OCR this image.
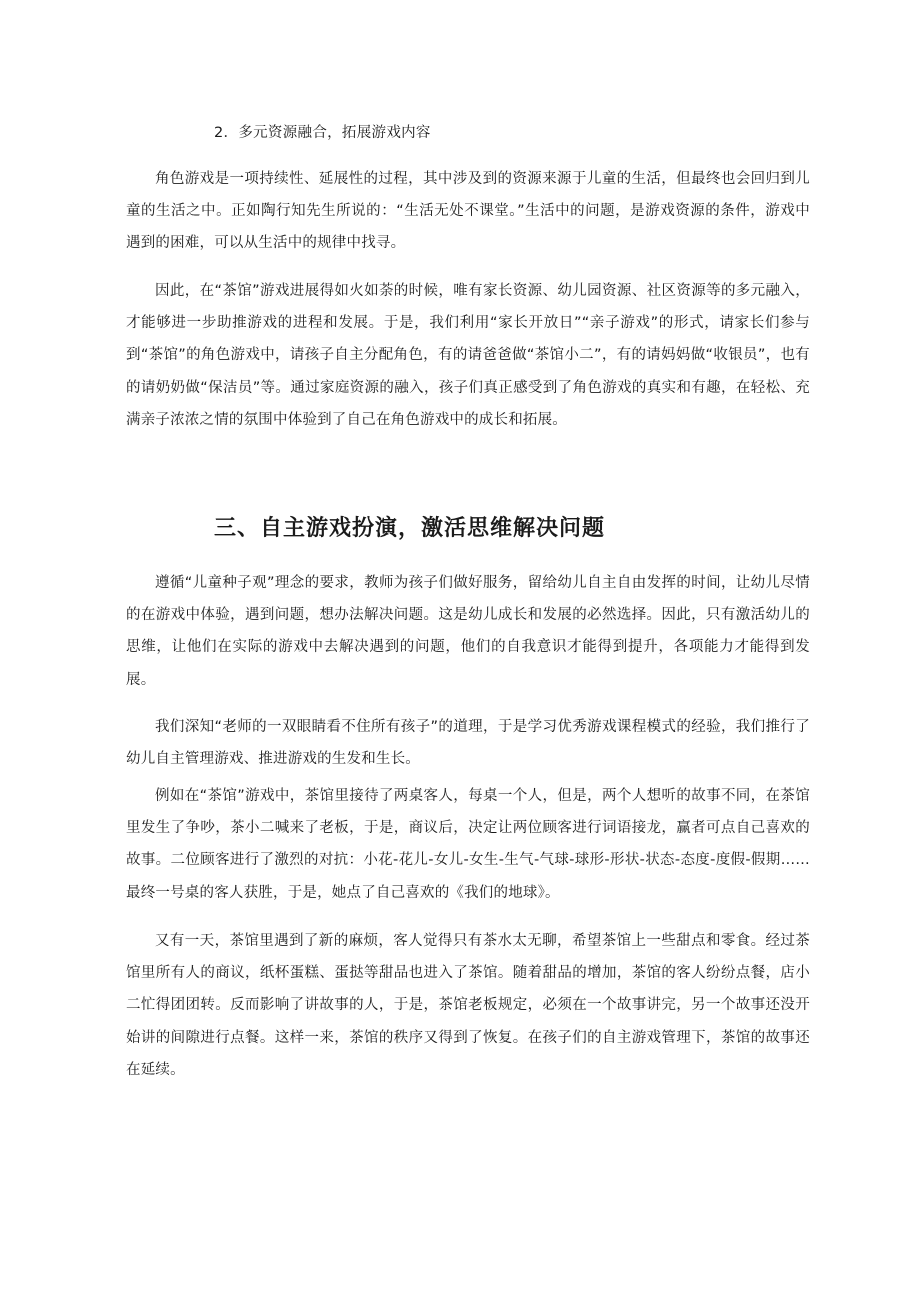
2．多元资源融合，拓展游戏内容

角色游戏是一项持续性、延展性的过程，其中涉及到的资源来源于儿童的生活，但最终也会回归到儿童的生活之中。正如陶行知先生所说的：“生活无处不课堂。”生活中的问题，是游戏资源的条件，游戏中遇到的困难，可以从生活中的规律中找寻。

因此，在“茶馆”游戏进展得如火如荼的时候，唯有家长资源、幼儿园资源、社区资源等的多元融入，才能够进一步助推游戏的进程和发展。于是，我们利用“家长开放日”“亲子游戏”的形式，请家长们参与到“茶馆”的角色游戏中，请孩子自主分配角色，有的请爸爸做“茶馆小二”，有的请妈妈做“收银员”，也有的请奶奶做“保洁员”等。通过家庭资源的融入，孩子们真正感受到了角色游戏的真实和有趣，在轻松、充满亲子浓浓之情的氛围中体验到了自己在角色游戏中的成长和拓展。

三、自主游戏扮演，激活思维解决问题

遵循“儿童种子观”理念的要求，教师为孩子们做好服务，留给幼儿自主自由发挥的时间，让幼儿尽情的在游戏中体验，遇到问题，想办法解决问题。这是幼儿成长和发展的必然选择。因此，只有激活幼儿的思维，让他们在实际的游戏中去解决遇到的问题，他们的自我意识才能得到提升，各项能力才能得到发展。

我们深知“老师的一双眼睛看不住所有孩子”的道理，于是学习优秀游戏课程模式的经验，我们推行了幼儿自主管理游戏、推进游戏的生发和生长。

例如在“茶馆”游戏中，茶馆里接待了两桌客人，每桌一个人，但是，两个人想听的故事不同，在茶馆里发生了争吵，茶小二喊来了老板，于是，商议后，决定让两位顾客进行词语接龙，赢者可点自己喜欢的故事。二位顾客进行了激烈的对抗：小花-花儿-女儿-女生-生气-气球-球形-形状-状态-态度-度假-假期……最终一号桌的客人获胜，于是，她点了自己喜欢的《我们的地球》。

又有一天，茶馆里遇到了新的麻烦，客人觉得只有茶水太无聊，希望茶馆上一些甜点和零食。经过茶馆里所有人的商议，纸杯蛋糕、蛋挞等甜品也进入了茶馆。随着甜品的增加，茶馆的客人纷纷点餐，店小二忙得团团转。反而影响了讲故事的人，于是，茶馆老板规定，必须在一个故事讲完，另一个故事还没开始讲的间隙进行点餐。这样一来，茶馆的秩序又得到了恢复。在孩子们的自主游戏管理下，茶馆的故事还在延续。
